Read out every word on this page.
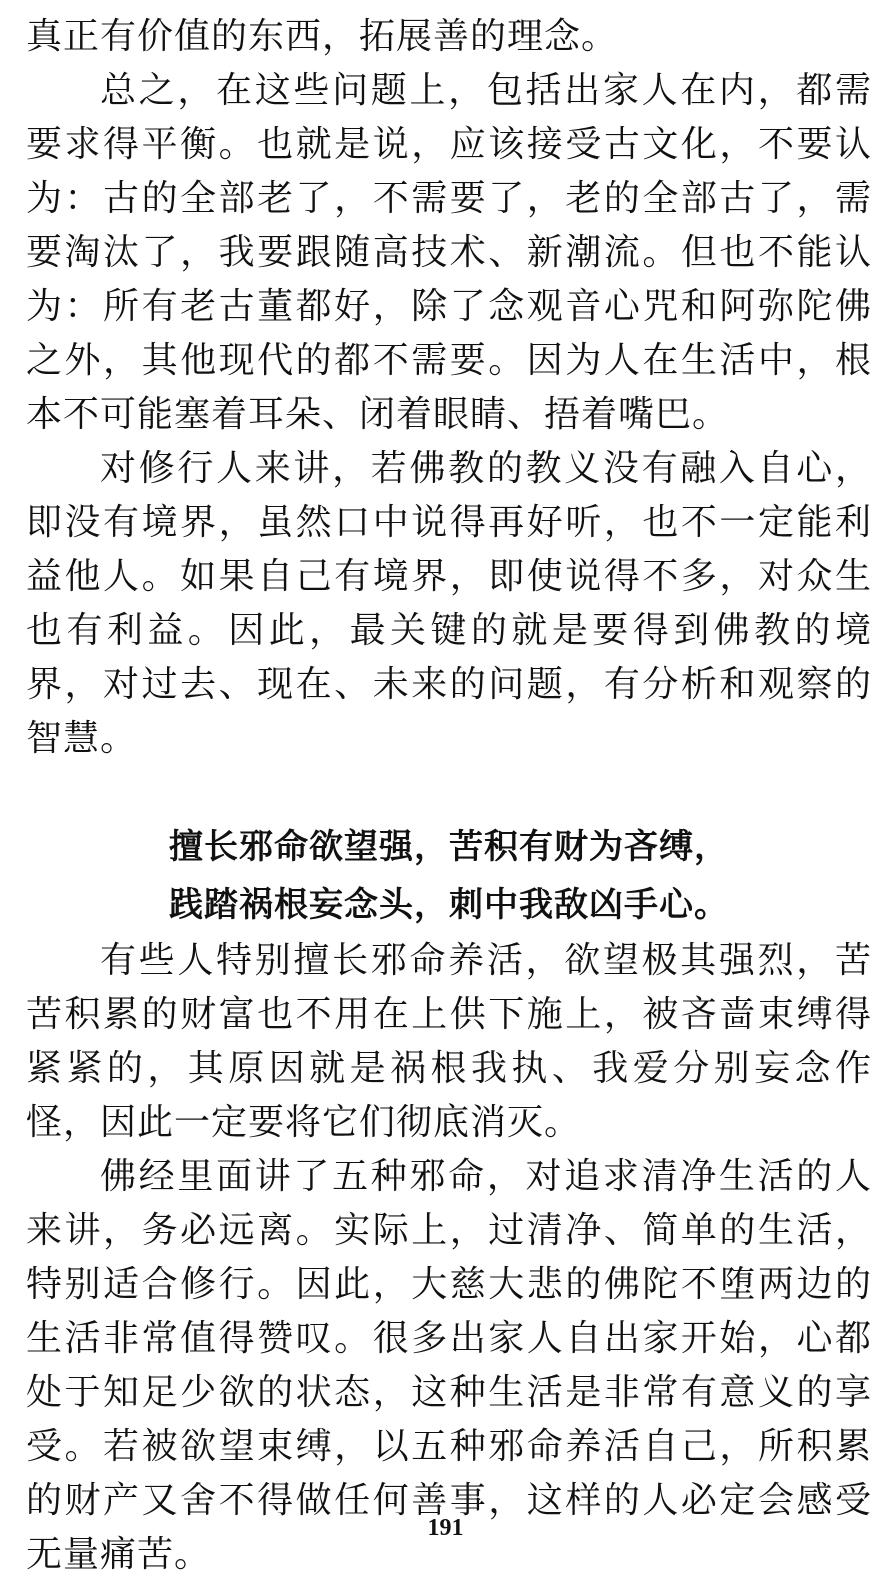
真正有价值的东西，拓展善的理念。

总之，在这些问题上，包括出家人在内，都需要求得平衡。也就是说，应该接受古文化，不要认为：古的全部老了，不需要了，老的全部古了，需要淘汰了，我要跟随高技术、新潮流。但也不能认为：所有老古董都好，除了念观音心咒和阿弥陀佛之外，其他现代的都不需要。因为人在生活中，根本不可能塞着耳朵、闭着眼睛、捂着嘴巴。

对修行人来讲，若佛教的教义没有融入自心，即没有境界，虽然口中说得再好听，也不一定能利益他人。如果自己有境界，即使说得不多，对众生也有利益。因此，最关键的就是要得到佛教的境界，对过去、现在、未来的问题，有分析和观察的智慧。

擅长邪命欲望强，苦积有财为吝缚，

践踏祸根妄念头，刺中我敌凶手心。

有些人特别擅长邪命养活，欲望极其强烈，苦苦积累的财富也不用在上供下施上，被吝啬束缚得紧紧的，其原因就是祸根我执、我爱分别妄念作怪，因此一定要将它们彻底消灭。

佛经里面讲了五种邪命，对追求清净生活的人来讲，务必远离。实际上，过清净、简单的生活，特别适合修行。因此，大慈大悲的佛陀不堕两边的生活非常值得赞叹。很多出家人自出家开始，心都处于知足少欲的状态，这种生活是非常有意义的享受。若被欲望束缚，以五种邪命养活自己，所积累的财产又舍不得做任何善事，这样的人必定会感受无量痛苦。

191
